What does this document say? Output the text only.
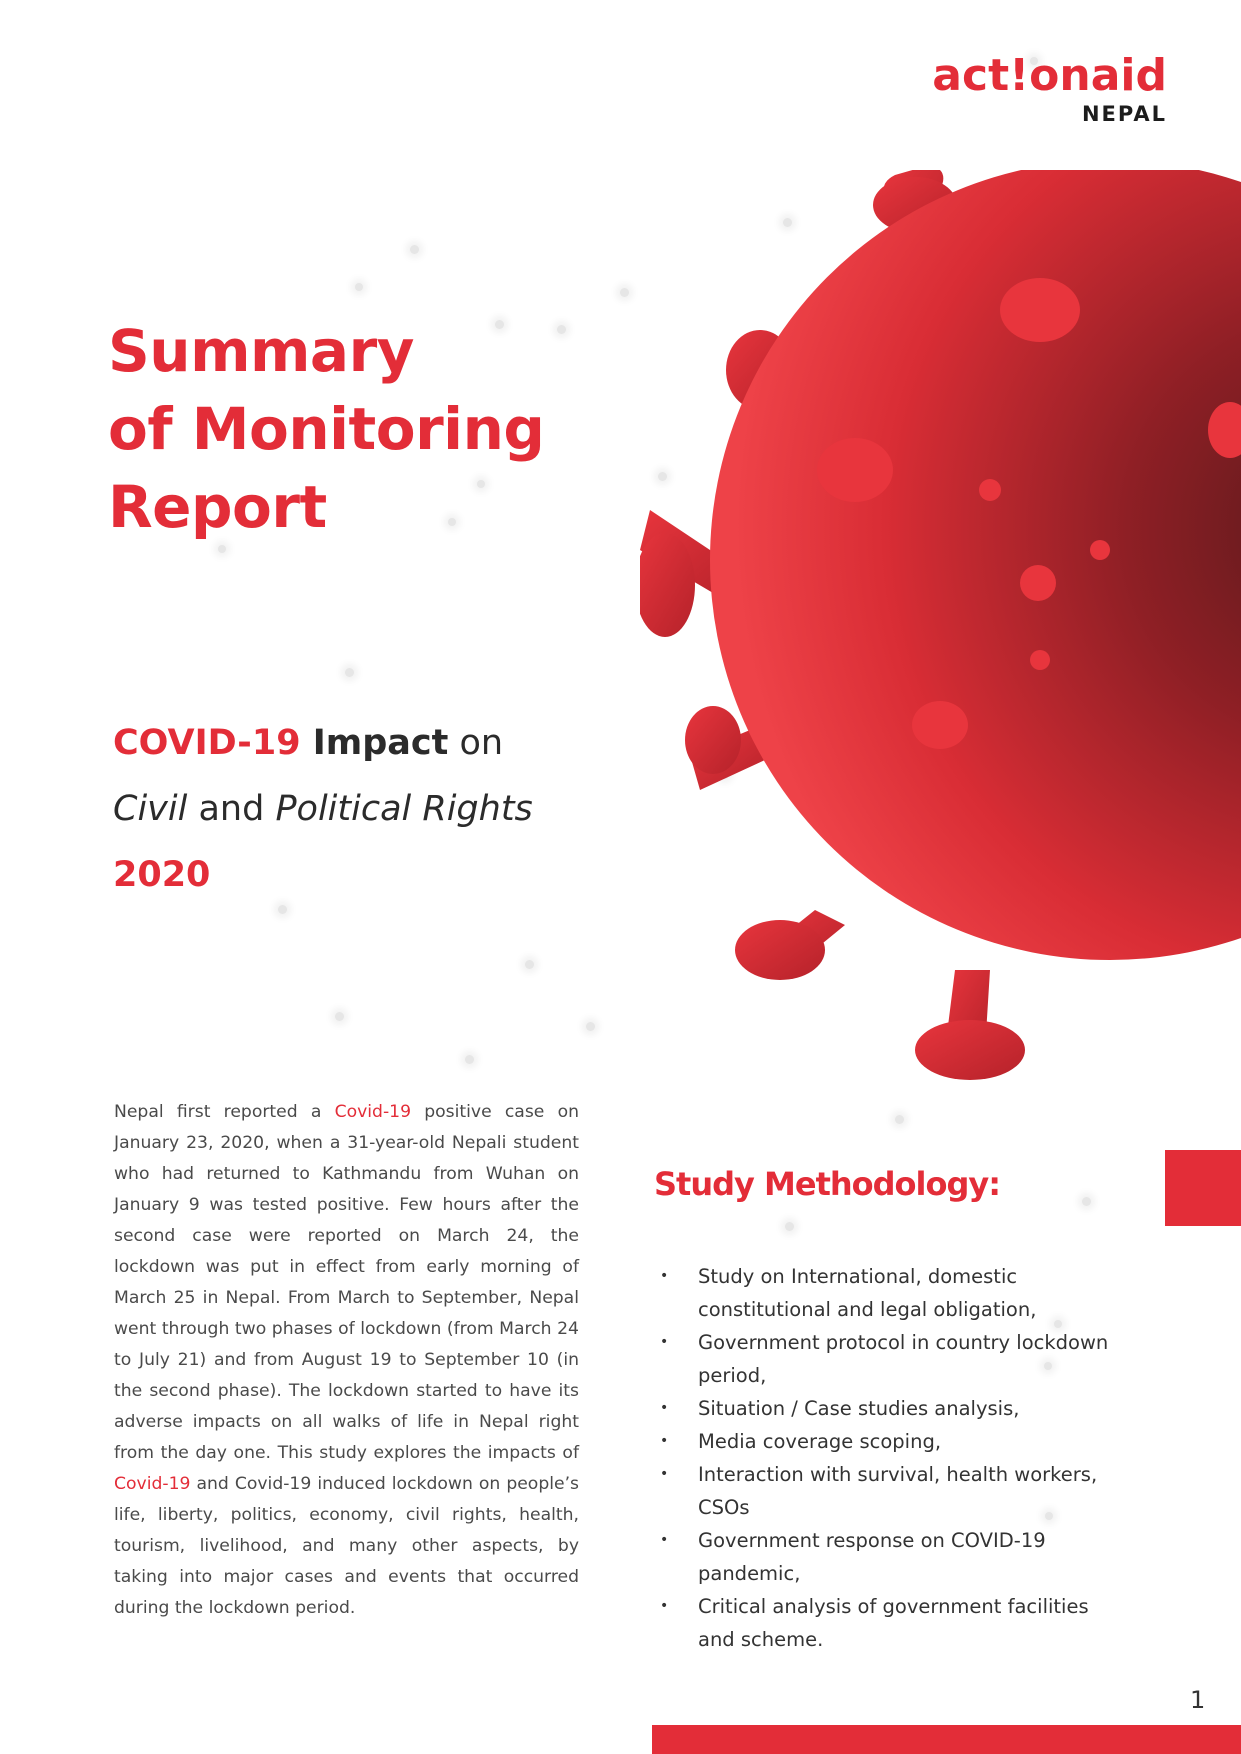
act!onaid
NEPAL
Summary
of Monitoring
Report
COVID-19 Impact on
Civil and Political Rights
2020

Nepal first reported a Covid-19 positive case on January 23, 2020, when a 31-year-old Nepali student who had returned to Kathmandu from Wuhan on January 9 was tested positive. Few hours after the second case were reported on March 24, the lockdown was put in effect from early morning of March 25 in Nepal. From March to September, Nepal went through two phases of lockdown (from March 24 to July 21) and from August 19 to September 10 (in the second phase). The lockdown started to have its adverse impacts on all walks of life in Nepal right from the day one. This study explores the impacts of Covid-19 and Covid-19 induced lockdown on people’s life, liberty, politics, economy, civil rights, health, tourism, livelihood, and many other aspects, by taking into major cases and events that occurred during the lockdown period.

Study Methodology:
• Study on International, domestic constitutional and legal obligation,
• Government protocol in country lockdown period,
• Situation / Case studies analysis,
• Media coverage scoping,
• Interaction with survival, health workers, CSOs
• Government response on COVID-19 pandemic,
• Critical analysis of government facilities and scheme.
1
